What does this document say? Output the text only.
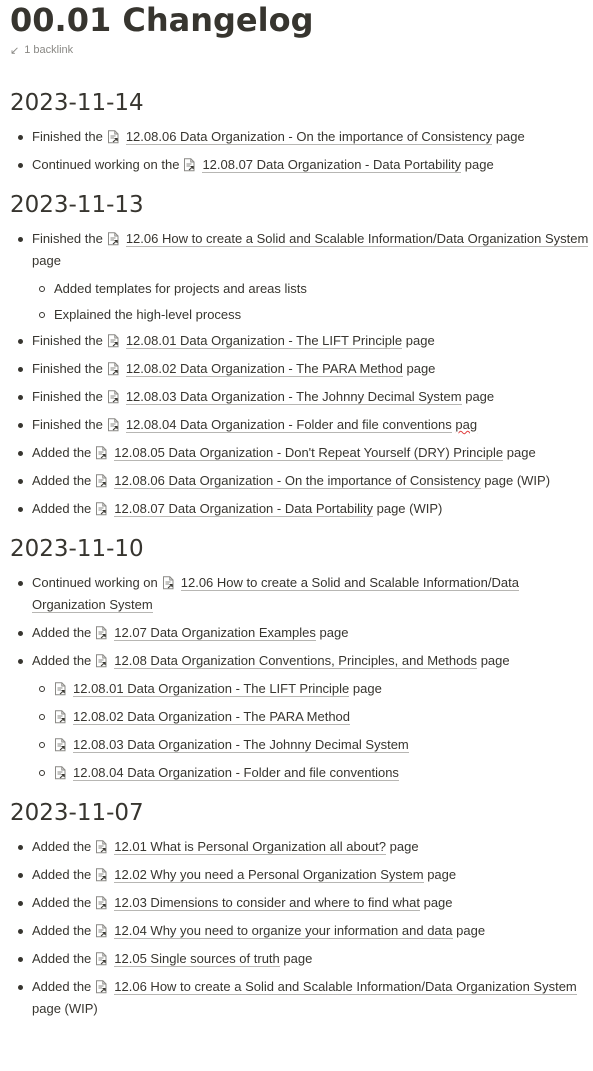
00.01 Changelog
↙ 1 backlink
2023-11-14
Finished the 12.08.06 Data Organization - On the importance of Consistency page
Continued working on the 12.08.07 Data Organization - Data Portability page
2023-11-13
Finished the 12.06 How to create a Solid and Scalable Information/Data Organization System page
Added templates for projects and areas lists
Explained the high-level process
Finished the 12.08.01 Data Organization - The LIFT Principle page
Finished the 12.08.02 Data Organization - The PARA Method page
Finished the 12.08.03 Data Organization - The Johnny Decimal System page
Finished the 12.08.04 Data Organization - Folder and file conventions pag
Added the 12.08.05 Data Organization - Don't Repeat Yourself (DRY) Principle page
Added the 12.08.06 Data Organization - On the importance of Consistency page (WIP)
Added the 12.08.07 Data Organization - Data Portability page (WIP)
2023-11-10
Continued working on 12.06 How to create a Solid and Scalable Information/Data Organization System
Added the 12.07 Data Organization Examples page
Added the 12.08 Data Organization Conventions, Principles, and Methods page
12.08.01 Data Organization - The LIFT Principle page
12.08.02 Data Organization - The PARA Method
12.08.03 Data Organization - The Johnny Decimal System
12.08.04 Data Organization - Folder and file conventions
2023-11-07
Added the 12.01 What is Personal Organization all about? page
Added the 12.02 Why you need a Personal Organization System page
Added the 12.03 Dimensions to consider and where to find what page
Added the 12.04 Why you need to organize your information and data page
Added the 12.05 Single sources of truth page
Added the 12.06 How to create a Solid and Scalable Information/Data Organization System page (WIP)
